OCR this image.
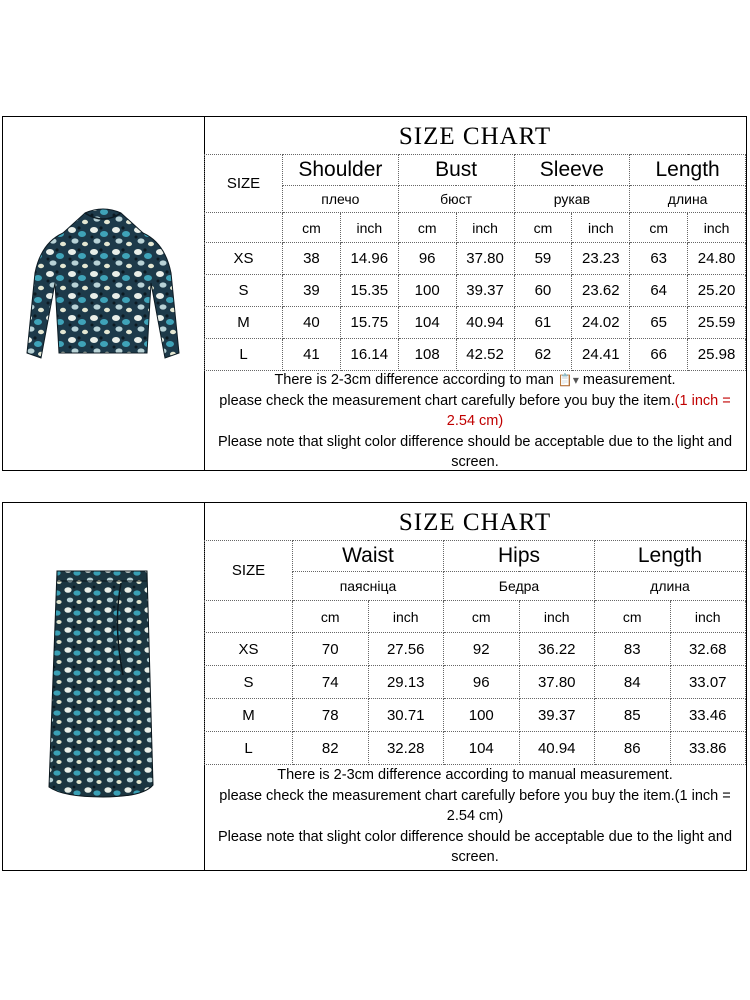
SIZE CHART
SIZE	Shoulder		Bust		Sleeve		Length	
	плечо		бюст		рукав		длина	
	cm	inch	cm	inch	cm	inch	cm	inch
XS	38	14.96	96	37.80	59	23.23	63	24.80
S	39	15.35	100	39.37	60	23.62	64	25.20
M	40	15.75	104	40.94	61	24.02	65	25.59
L	41	16.14	108	42.52	62	24.41	66	25.98
There is 2-3cm difference according to man 📋▾ measurement.
please check the measurement chart carefully before you buy the item.(1 inch = 2.54 cm)
Please note that slight color difference should be acceptable due to the light and screen.
SIZE CHART
SIZE	Waist		Hips		Length	
	паясніца		Бедра		длина	
	cm	inch	cm	inch	cm	inch
XS	70	27.56	92	36.22	83	32.68
S	74	29.13	96	37.80	84	33.07
M	78	30.71	100	39.37	85	33.46
L	82	32.28	104	40.94	86	33.86
There is 2-3cm difference according to manual measurement.
please check the measurement chart carefully before you buy the item.(1 inch = 2.54 cm)
Please note that slight color difference should be acceptable due to the light and screen.
